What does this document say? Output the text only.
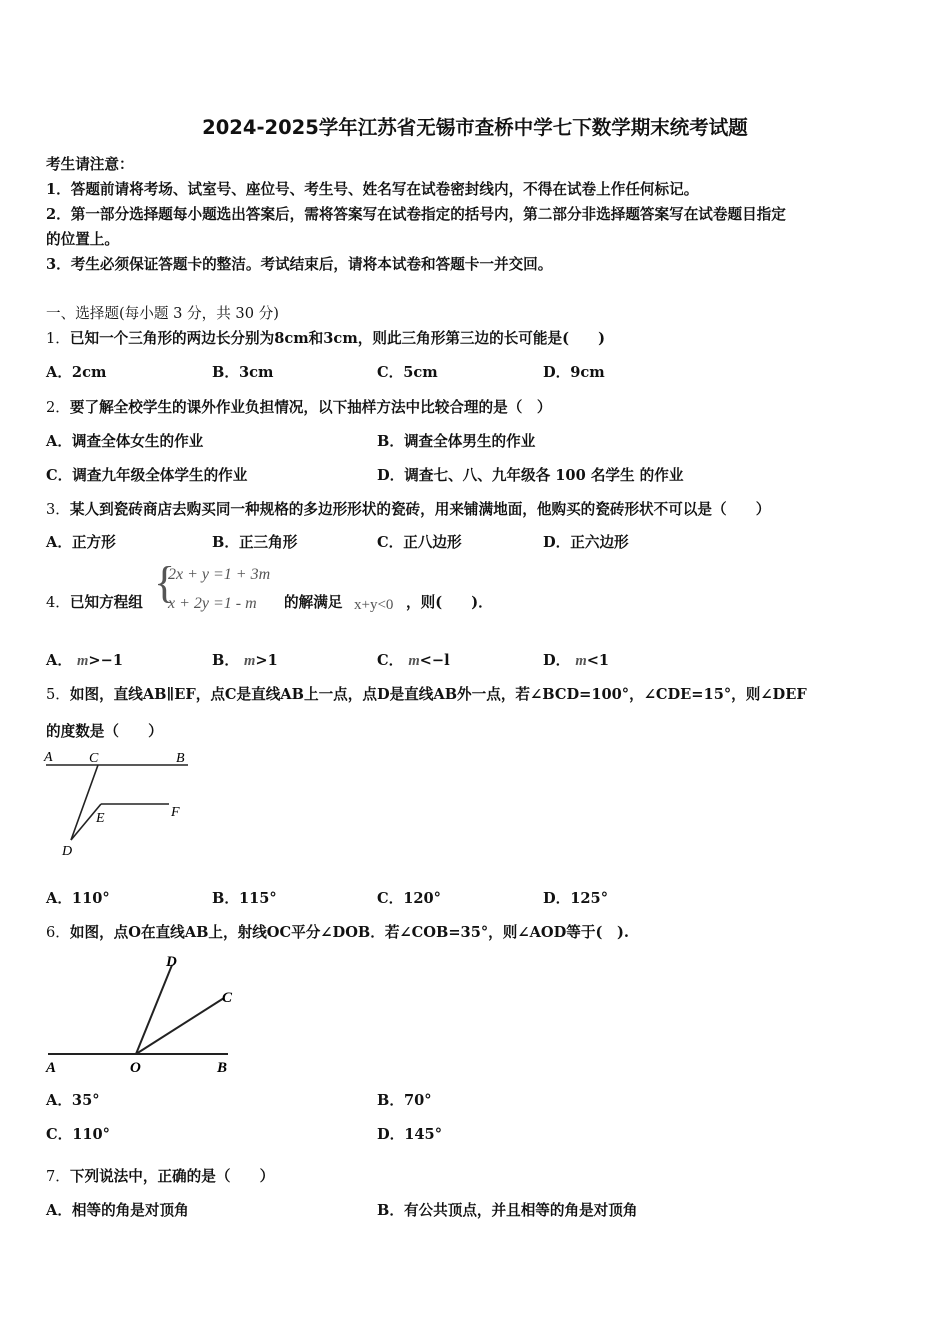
2024-2025学年江苏省无锡市查桥中学七下数学期末统考试题
考生请注意：
1．答题前请将考场、试室号、座位号、考生号、姓名写在试卷密封线内，不得在试卷上作任何标记。
2．第一部分选择题每小题选出答案后，需将答案写在试卷指定的括号内，第二部分非选择题答案写在试卷题目指定
的位置上。
3．考生必须保证答题卡的整洁。考试结束后，请将本试卷和答题卡一并交回。
一、选择题(每小题 3 分，共 30 分)
1．已知一个三角形的两边长分别为8cm和3cm，则此三角形第三边的长可能是(　　)
A．2cm	B．3cm	C．5cm	D．9cm
2．要了解全校学生的课外作业负担情况，以下抽样方法中比较合理的是（　）
A．调查全体女生的作业	B．调查全体男生的作业
C．调查九年级全体学生的作业	D．调查七、八、九年级各 100 名学生 的作业
3．某人到瓷砖商店去购买同一种规格的多边形形状的瓷砖，用来铺满地面，他购买的瓷砖形状不可以是（　　）
A．正方形	B．正三角形	C．正八边形	D．正六边形
4．已知方程组 {
2x + y =1 + 3m
x + 2y =1 - m 的解满足 x+y<0 ，则(　　)．
A． m>−1	B． m>1	C． m<−l	D． m<1
5．如图，直线AB∥EF，点C是直线AB上一点，点D是直线AB外一点，若∠BCD=100°，∠CDE=15°，则∠DEF
的度数是（　　）
A	C	B
E	F
D
A．110°	B．115°	C．120°	D．125°
6．如图，点O在直线AB上，射线OC平分∠DOB．若∠COB=35°，则∠AOD等于(　).
D
C
A	O	B
A．35°	B．70°
C．110°	D．145°
7．下列说法中，正确的是（　　）
A．相等的角是对顶角	B．有公共顶点，并且相等的角是对顶角
